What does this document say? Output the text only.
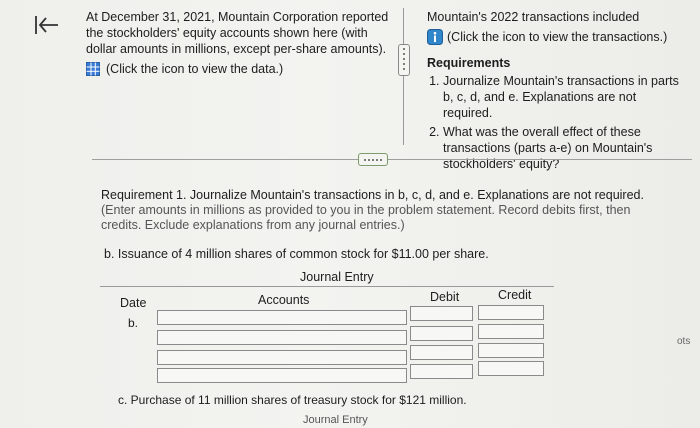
At December 31, 2021, Mountain Corporation reported the stockholders' equity accounts shown here (with dollar amounts in millions, except per-share amounts).
(Click the icon to view the data.)
Mountain's 2022 transactions included
(Click the icon to view the transactions.)
Requirements
1. Journalize Mountain's transactions in parts b, c, d, and e. Explanations are not required.
2. What was the overall effect of these transactions (parts a-e) on Mountain's stockholders' equity?
Requirement 1. Journalize Mountain's transactions in b, c, d, and e. Explanations are not required. (Enter amounts in millions as provided to you in the problem statement. Record debits first, then credits. Exclude explanations from any journal entries.)
b. Issuance of 4 million shares of common stock for $11.00 per share.
Journal Entry
Date	Accounts	Debit	Credit
b.
c. Purchase of 11 million shares of treasury stock for $121 million.
Journal Entry
ots
